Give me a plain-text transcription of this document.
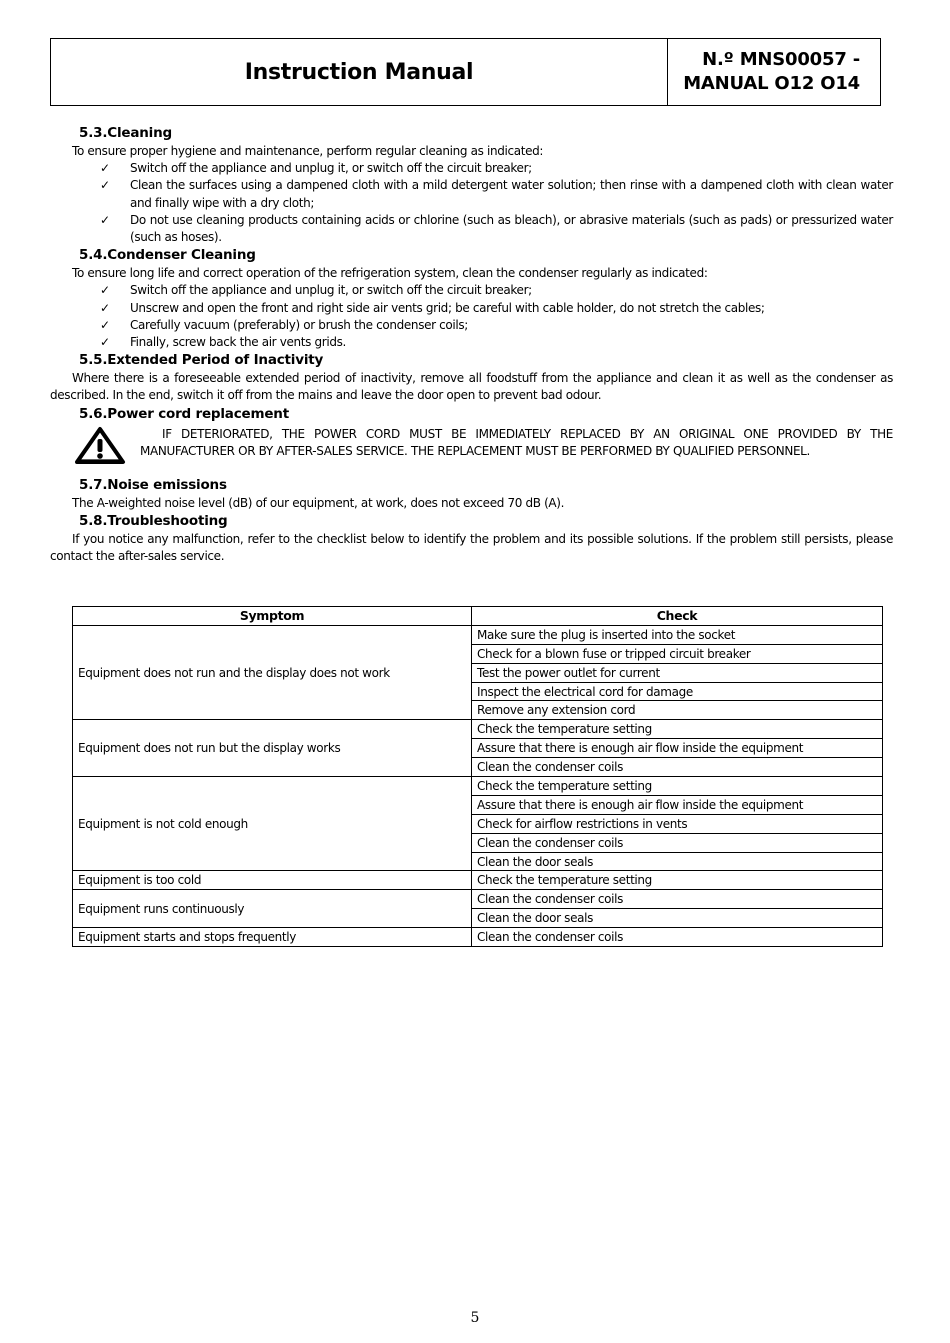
Instruction Manual	N.º MNS00057 -
MANUAL O12 O14
5.3.Cleaning

To ensure proper hygiene and maintenance, perform regular cleaning as indicated:

✓ Switch off the appliance and unplug it, or switch off the circuit breaker;
✓ Clean the surfaces using a dampened cloth with a mild detergent water solution; then rinse with a dampened cloth with clean water and finally wipe with a dry cloth;
✓ Do not use cleaning products containing acids or chlorine (such as bleach), or abrasive materials (such as pads) or pressurized water (such as hoses).
5.4.Condenser Cleaning

To ensure long life and correct operation of the refrigeration system, clean the condenser regularly as indicated:

✓ Switch off the appliance and unplug it, or switch off the circuit breaker;
✓ Unscrew and open the front and right side air vents grid; be careful with cable holder, do not stretch the cables;
✓ Carefully vacuum (preferably) or brush the condenser coils;
✓ Finally, screw back the air vents grids.
5.5.Extended Period of Inactivity

Where there is a foreseeable extended period of inactivity, remove all foodstuff from the appliance and clean it as well as the condenser as described. In the end, switch it off from the mains and leave the door open to prevent bad odour.

5.6.Power cord replacement

IF DETERIORATED, THE POWER CORD MUST BE IMMEDIATELY REPLACED BY AN ORIGINAL ONE PROVIDED BY THE MANUFACTURER OR BY AFTER-SALES SERVICE. THE REPLACEMENT MUST BE PERFORMED BY QUALIFIED PERSONNEL.

5.7.Noise emissions

The A-weighted noise level (dB) of our equipment, at work, does not exceed 70 dB (A).

5.8.Troubleshooting

If you notice any malfunction, refer to the checklist below to identify the problem and its possible solutions. If the problem still persists, please contact the after-sales service.

Symptom	Check
Equipment does not run and the display does not work	Make sure the plug is inserted into the socket
	Check for a blown fuse or tripped circuit breaker
	Test the power outlet for current
	Inspect the electrical cord for damage
	Remove any extension cord
Equipment does not run but the display works	Check the temperature setting
	Assure that there is enough air flow inside the equipment
	Clean the condenser coils
Equipment is not cold enough	Check the temperature setting
	Assure that there is enough air flow inside the equipment
	Check for airflow restrictions in vents
	Clean the condenser coils
	Clean the door seals
Equipment is too cold	Check the temperature setting
Equipment runs continuously	Clean the condenser coils
	Clean the door seals
Equipment starts and stops frequently	Clean the condenser coils
5
